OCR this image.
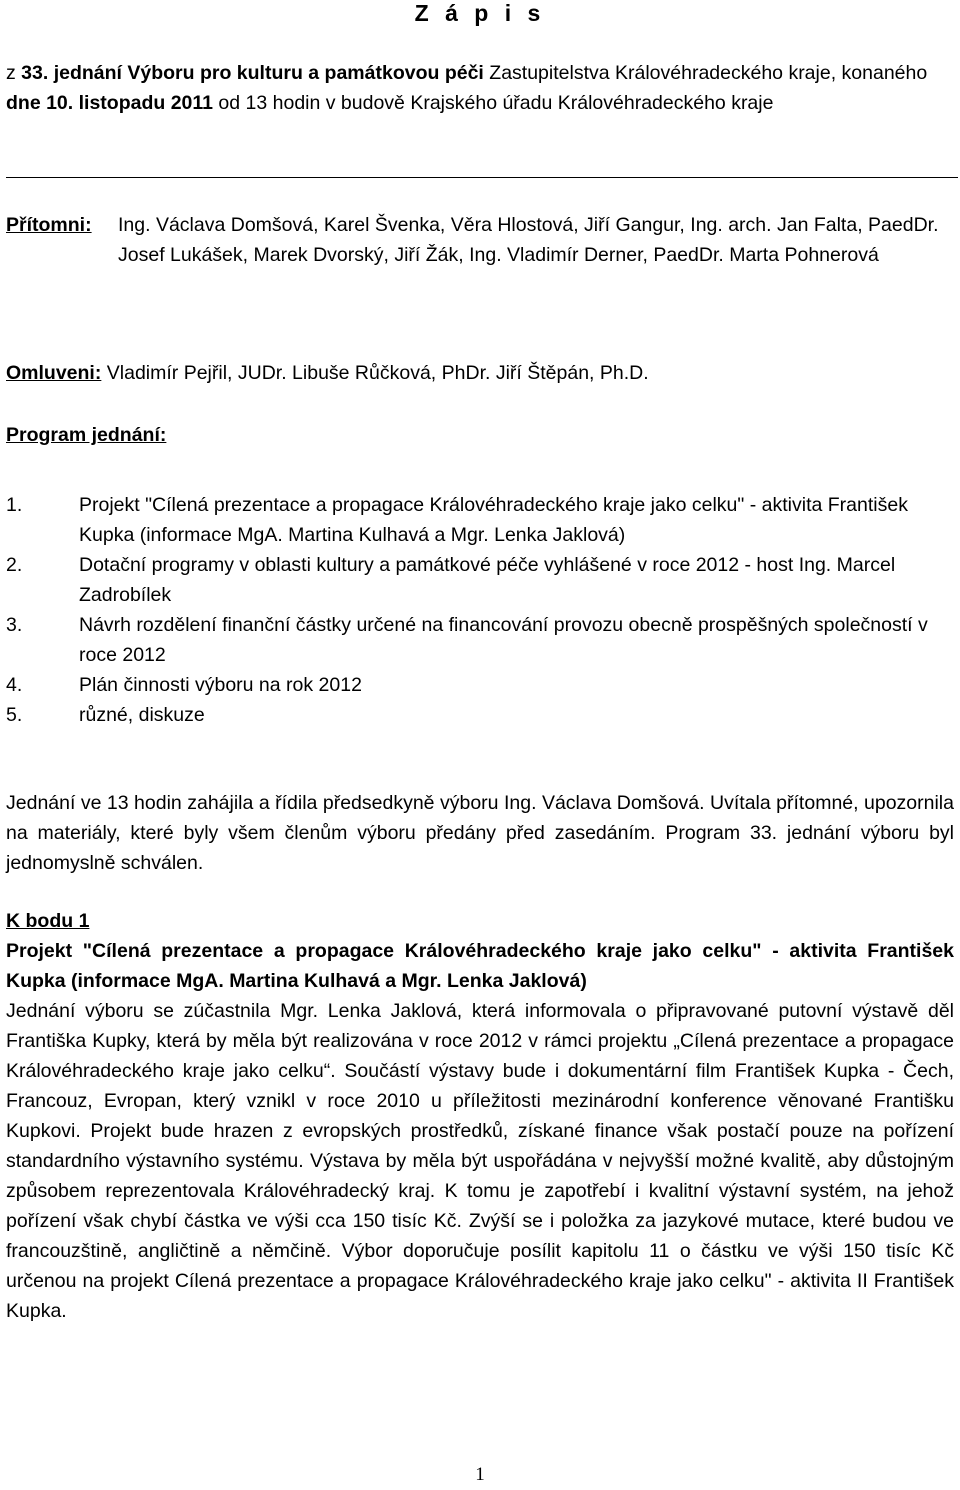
Z á p i s
z 33. jednání Výboru pro kulturu a památkovou péči Zastupitelstva Královéhradeckého kraje, konaného dne 10. listopadu 2011 od 13 hodin v budově Krajského úřadu Královéhradeckého kraje
Přítomni: Ing. Václava Domšová, Karel Švenka, Věra Hlostová, Jiří Gangur, Ing. arch. Jan Falta, PaedDr. Josef Lukášek, Marek Dvorský, Jiří Žák, Ing. Vladimír Derner, PaedDr. Marta Pohnerová
Omluveni: Vladimír Pejřil, JUDr. Libuše Růčková, PhDr. Jiří Štěpán, Ph.D.
Program jednání:
1.	Projekt "Cílená prezentace a propagace Královéhradeckého kraje jako celku" - aktivita František Kupka (informace MgA. Martina Kulhavá a Mgr. Lenka Jaklová)
2.	Dotační programy v oblasti kultury a památkové péče vyhlášené v roce 2012 - host Ing. Marcel Zadrobílek
3.	Návrh rozdělení finanční částky určené na financování provozu obecně prospěšných společností v roce 2012
4.	Plán činnosti výboru na rok 2012
5.	různé, diskuze
Jednání ve 13 hodin zahájila a řídila předsedkyně výboru Ing. Václava Domšová. Uvítala přítomné, upozornila na materiály, které byly všem členům výboru předány před zasedáním. Program 33. jednání výboru byl jednomyslně schválen.
K bodu 1
Projekt "Cílená prezentace a propagace Královéhradeckého kraje jako celku" - aktivita František Kupka (informace MgA. Martina Kulhavá a Mgr. Lenka Jaklová)
Jednání výboru se zúčastnila Mgr. Lenka Jaklová, která informovala o připravované putovní výstavě děl Františka Kupky, která by měla být realizována v roce 2012 v rámci projektu „Cílená prezentace a propagace Královéhradeckého kraje jako celku“. Součástí výstavy bude i dokumentární film František Kupka - Čech, Francouz, Evropan, který vznikl v roce 2010 u příležitosti mezinárodní konference věnované Františku Kupkovi. Projekt bude hrazen z evropských prostředků, získané finance však postačí pouze na pořízení standardního výstavního systému. Výstava by měla být uspořádána v nejvyšší možné kvalitě, aby důstojným způsobem reprezentovala Královéhradecký kraj. K tomu je zapotřebí i kvalitní výstavní systém, na jehož pořízení však chybí částka ve výši cca 150 tisíc Kč. Zvýší se i položka za jazykové mutace, které budou ve francouzštině, angličtině a němčině. Výbor doporučuje posílit kapitolu 11 o částku ve výši 150 tisíc Kč určenou na projekt Cílená prezentace a propagace Královéhradeckého kraje jako celku" - aktivita II František Kupka.
1
